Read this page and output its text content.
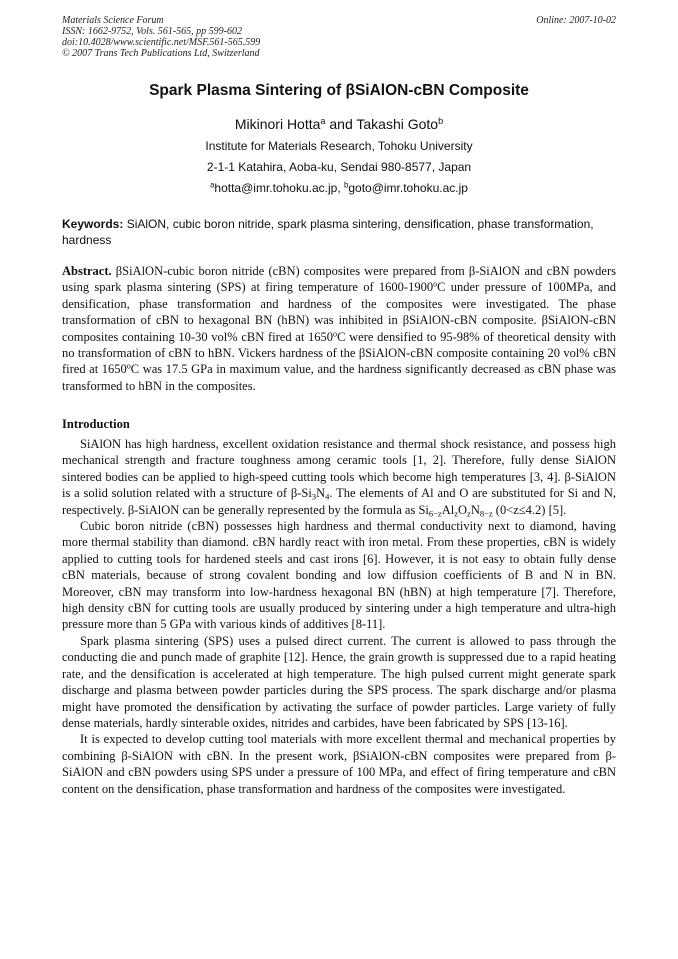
Materials Science Forum
ISSN: 1662-9752, Vols. 561-565, pp 599-602
doi:10.4028/www.scientific.net/MSF.561-565.599
© 2007 Trans Tech Publications Ltd, Switzerland
Online: 2007-10-02
Spark Plasma Sintering of βSiAlON-cBN Composite
Mikinori Hotta$^a$ and Takashi Goto$^b$
Institute for Materials Research, Tohoku University
2-1-1 Katahira, Aoba-ku, Sendai 980-8577, Japan
$^a$hotta@imr.tohoku.ac.jp, $^b$goto@imr.tohoku.ac.jp
Keywords: SiAlON, cubic boron nitride, spark plasma sintering, densification, phase transformation, hardness
Abstract. βSiAlON-cubic boron nitride (cBN) composites were prepared from β-SiAlON and cBN powders using spark plasma sintering (SPS) at firing temperature of 1600-1900$^o$C under pressure of 100MPa, and densification, phase transformation and hardness of the composites were investigated. The phase transformation of cBN to hexagonal BN (hBN) was inhibited in βSiAlON-cBN composite. βSiAlON-cBN composites containing 10-30 vol% cBN fired at 1650$^o$C were densified to 95-98% of theoretical density with no transformation of cBN to hBN. Vickers hardness of the βSiAlON-cBN composite containing 20 vol% cBN fired at 1650$^o$C was 17.5 GPa in maximum value, and the hardness significantly decreased as cBN phase was transformed to hBN in the composites.
Introduction

SiAlON has high hardness, excellent oxidation resistance and thermal shock resistance, and possess high mechanical strength and fracture toughness among ceramic tools [1, 2]. Therefore, fully dense SiAlON sintered bodies can be applied to high-speed cutting tools which become high temperatures [3, 4]. β-SiAlON is a solid solution related with a structure of $\beta-Si_3N_4$. The elements of Al and O are substituted for Si and N, respectively. β-SiAlON can be generally represented by the formula as $Si_{6-z}Al_zO_zN_{8-z}$ (0<z≤4.2) [5].

Cubic boron nitride (cBN) possesses high hardness and thermal conductivity next to diamond, having more thermal stability than diamond. cBN hardly react with iron metal. From these properties, cBN is widely applied to cutting tools for hardened steels and cast irons [6]. However, it is not easy to obtain fully dense cBN materials, because of strong covalent bonding and low diffusion coefficients of B and N in BN. Moreover, cBN may transform into low-hardness hexagonal BN (hBN) at high temperature [7]. Therefore, high density cBN for cutting tools are usually produced by sintering under a high temperature and ultra-high pressure more than 5 GPa with various kinds of additives [8-11].

Spark plasma sintering (SPS) uses a pulsed direct current. The current is allowed to pass through the conducting die and punch made of graphite [12]. Hence, the grain growth is suppressed due to a rapid heating rate, and the densification is accelerated at high temperature. The high pulsed current might generate spark discharge and plasma between powder particles during the SPS process. The spark discharge and/or plasma might have promoted the densification by activating the surface of powder particles. Large variety of fully dense materials, hardly sinterable oxides, nitrides and carbides, have been fabricated by SPS [13-16].

It is expected to develop cutting tool materials with more excellent thermal and mechanical properties by combining β-SiAlON with cBN. In the present work, βSiAlON-cBN composites were prepared from β-SiAlON and cBN powders using SPS under a pressure of 100 MPa, and effect of firing temperature and cBN content on the densification, phase transformation and hardness of the composites were investigated.
